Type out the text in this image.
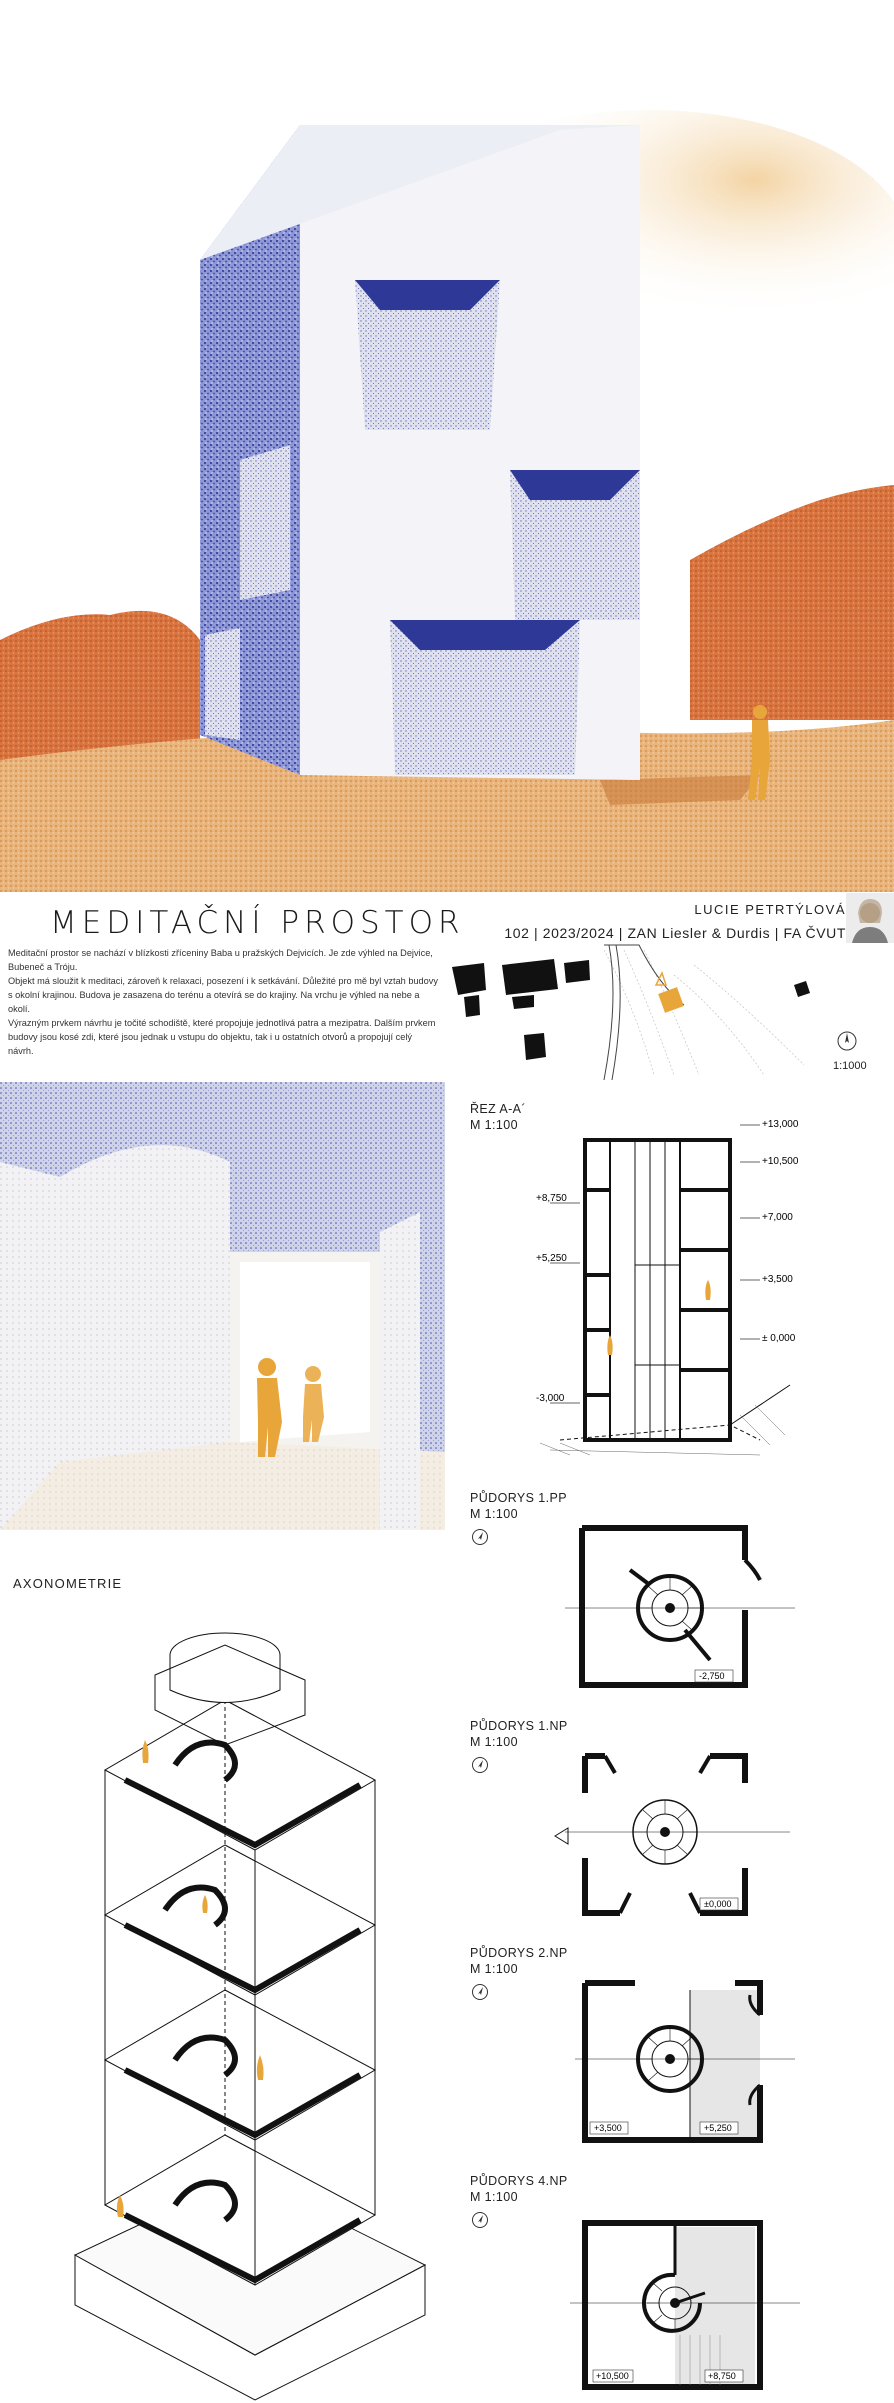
MEDITAČNÍ PROSTOR	LUCIE PETRTÝLOVÁ
102 | 2023/2024 | ZAN Liesler & Durdis | FA ČVUT

Meditační prostor se nachází v blízkosti zříceniny Baba u pražských Dejvicích. Je zde výhled na Dejvice, Bubeneč a Tróju.

Objekt má sloužit k meditaci, zároveň k relaxaci, posezení i k setkávání. Důležité pro mě byl vztah budovy s okolní krajinou. Budova je zasazena do terénu a otevírá se do krajiny. Na vrchu je výhled na nebe a okolí.

Výrazným prvkem návrhu je točité schodiště, které propojuje jednotlivá patra a mezipatra. Dalším prvkem budovy jsou kosé zdi, které jsou jednak u vstupu do objektu, tak i u ostatních otvorů a propojují celý návrh.

1:1000
ŘEZ A-A´
M 1:100	+13,000
+10,500
+8,750
+7,000
+5,250
+3,500
± 0,000
-3,000
AXONOMETRIE
PŮDORYS 1.PP
M 1:100
-2,750
PŮDORYS 1.NP
M 1:100
±0,000
PŮDORYS 2.NP
M 1:100
+3,500	+5,250
PŮDORYS 4.NP
M 1:100
+10,500	+8,750
